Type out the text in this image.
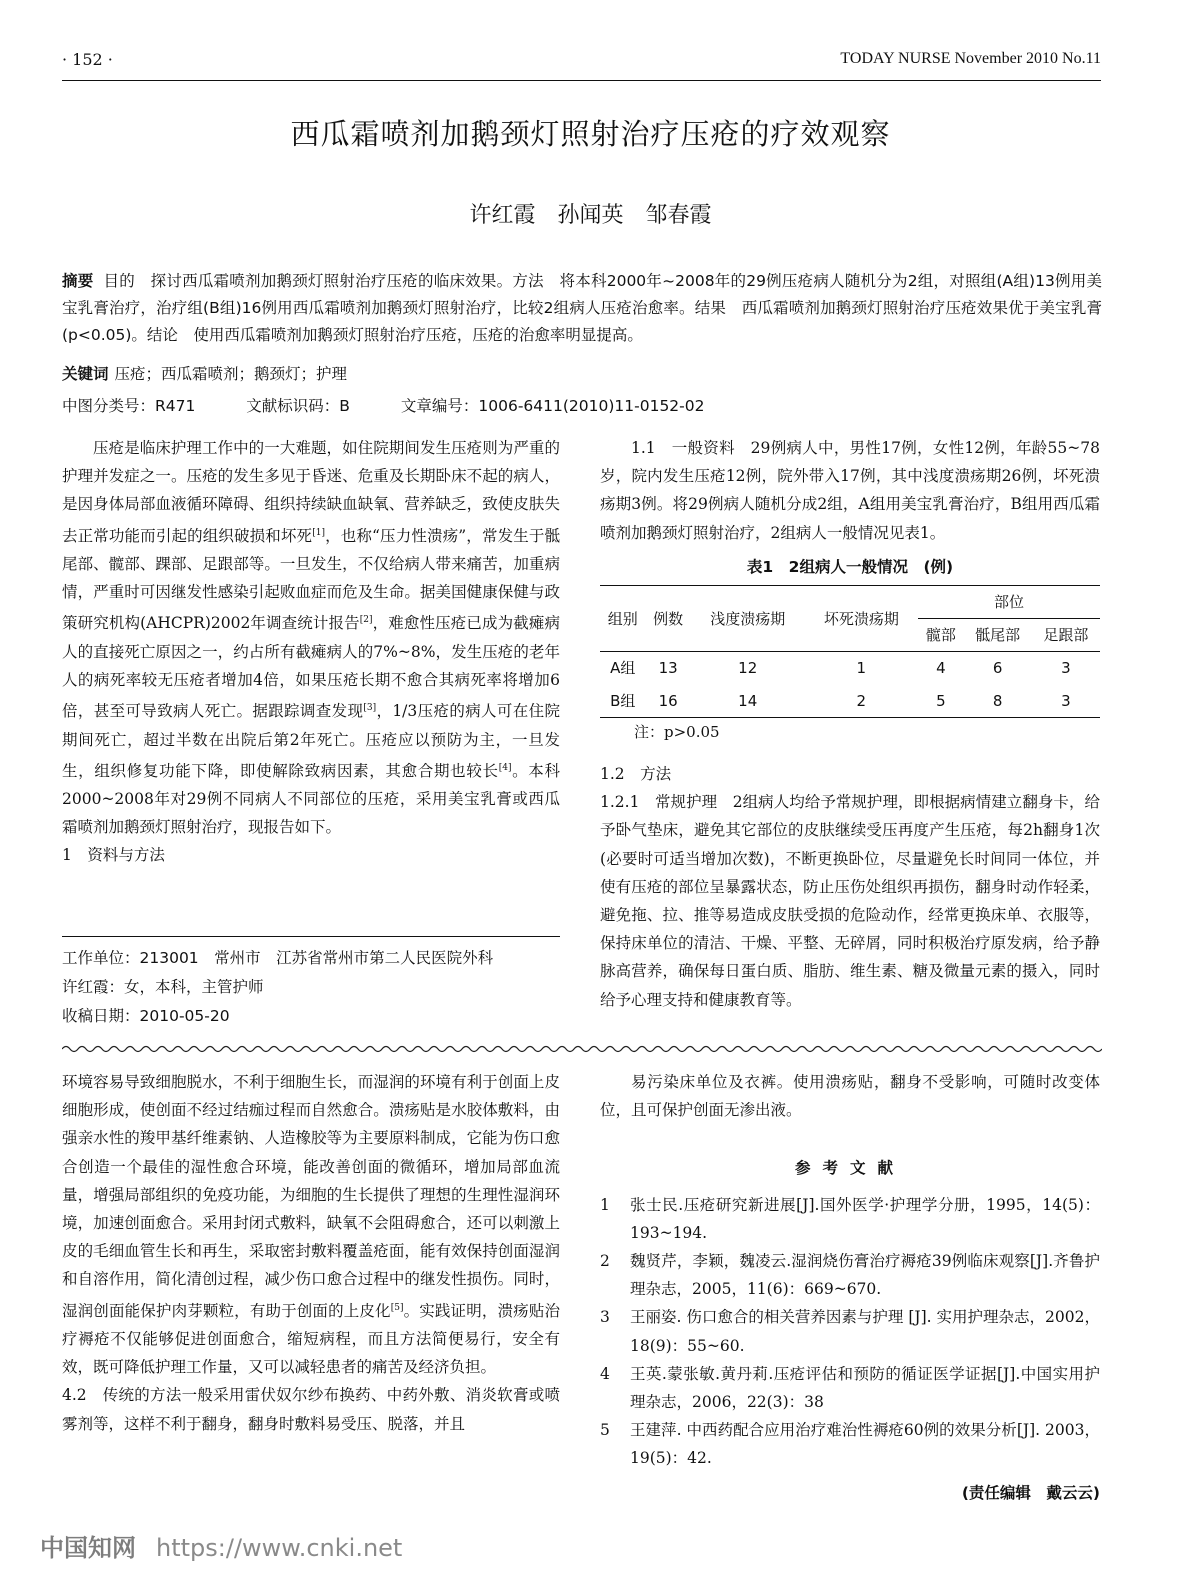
· 152 ·	TODAY NURSE November 2010 No.11
西瓜霜喷剂加鹅颈灯照射治疗压疮的疗效观察
许红霞　孙闻英　邹春霞
摘要 目的　探讨西瓜霜喷剂加鹅颈灯照射治疗压疮的临床效果。方法　将本科2000年~2008年的29例压疮病人随机分为2组，对照组(A组)13例用美宝乳膏治疗，治疗组(B组)16例用西瓜霜喷剂加鹅颈灯照射治疗，比较2组病人压疮治愈率。结果　西瓜霜喷剂加鹅颈灯照射治疗压疮效果优于美宝乳膏(p<0.05)。结论　使用西瓜霜喷剂加鹅颈灯照射治疗压疮，压疮的治愈率明显提高。
关键词 压疮；西瓜霜喷剂；鹅颈灯；护理
中图分类号：R471	文献标识码：B	文章编号：1006-6411(2010)11-0152-02

压疮是临床护理工作中的一大难题，如住院期间发生压疮则为严重的护理并发症之一。压疮的发生多见于昏迷、危重及长期卧床不起的病人，是因身体局部血液循环障碍、组织持续缺血缺氧、营养缺乏，致使皮肤失去正常功能而引起的组织破损和坏死[1]，也称“压力性溃疡”，常发生于骶尾部、髋部、踝部、足跟部等。一旦发生，不仅给病人带来痛苦，加重病情，严重时可因继发性感染引起败血症而危及生命。据美国健康保健与政策研究机构(AHCPR)2002年调查统计报告[2]，难愈性压疮已成为截瘫病人的直接死亡原因之一，约占所有截瘫病人的7%~8%，发生压疮的老年人的病死率较无压疮者增加4倍，如果压疮长期不愈合其病死率将增加6倍，甚至可导致病人死亡。据跟踪调查发现[3]，1/3压疮的病人可在住院期间死亡，超过半数在出院后第2年死亡。压疮应以预防为主，一旦发生，组织修复功能下降，即使解除致病因素，其愈合期也较长[4]。本科2000~2008年对29例不同病人不同部位的压疮，采用美宝乳膏或西瓜霜喷剂加鹅颈灯照射治疗，现报告如下。

1　资料与方法

工作单位：213001　常州市　江苏省常州市第二人民医院外科
许红霞：女，本科，主管护师
收稿日期：2010-05-20

1.1　一般资料　29例病人中，男性17例，女性12例，年龄55~78岁，院内发生压疮12例，院外带入17例，其中浅度溃疡期26例，坏死溃疡期3例。将29例病人随机分成2组，A组用美宝乳膏治疗，B组用西瓜霜喷剂加鹅颈灯照射治疗，2组病人一般情况见表1。

表1　2组病人一般情况　(例)
组别	例数	浅度溃疡期	坏死溃疡期	部位		
				髋部	骶尾部	足跟部
A组	13	12	1	4	6	3
B组	16	14	2	5	8	3
注：p>0.05

1.2　方法

1.2.1　常规护理　2组病人均给予常规护理，即根据病情建立翻身卡，给予卧气垫床，避免其它部位的皮肤继续受压再度产生压疮，每2h翻身1次(必要时可适当增加次数)，不断更换卧位，尽量避免长时间同一体位，并使有压疮的部位呈暴露状态，防止压伤处组织再损伤，翻身时动作轻柔，避免拖、拉、推等易造成皮肤受损的危险动作，经常更换床单、衣服等，保持床单位的清洁、干燥、平整、无碎屑，同时积极治疗原发病，给予静脉高营养，确保每日蛋白质、脂肪、维生素、糖及微量元素的摄入，同时给予心理支持和健康教育等。

环境容易导致细胞脱水，不利于细胞生长，而湿润的环境有利于创面上皮细胞形成，使创面不经过结痂过程而自然愈合。溃疡贴是水胶体敷料，由强亲水性的羧甲基纤维素钠、人造橡胶等为主要原料制成，它能为伤口愈合创造一个最佳的湿性愈合环境，能改善创面的微循环，增加局部血流量，增强局部组织的免疫功能，为细胞的生长提供了理想的生理性湿润环境，加速创面愈合。采用封闭式敷料，缺氧不会阻碍愈合，还可以刺激上皮的毛细血管生长和再生，采取密封敷料覆盖疮面，能有效保持创面湿润和自溶作用，简化清创过程，减少伤口愈合过程中的继发性损伤。同时，湿润创面能保护肉芽颗粒，有助于创面的上皮化[5]。实践证明，溃疡贴治疗褥疮不仅能够促进创面愈合，缩短病程，而且方法简便易行，安全有效，既可降低护理工作量，又可以减轻患者的痛苦及经济负担。

4.2　传统的方法一般采用雷伏奴尔纱布换药、中药外敷、消炎软膏或喷雾剂等，这样不利于翻身，翻身时敷料易受压、脱落，并且

易污染床单位及衣裤。使用溃疡贴，翻身不受影响，可随时改变体位，且可保护创面无渗出液。

参考文献
1 张士民.压疮研究新进展[J].国外医学·护理学分册，1995，14(5)：193~194.
2 魏贤芹，李颖，魏凌云.湿润烧伤膏治疗褥疮39例临床观察[J].齐鲁护理杂志，2005，11(6)：669~670.
3 王丽姿. 伤口愈合的相关营养因素与护理 [J]. 实用护理杂志，2002，18(9)：55~60.
4 王英.蒙张敏.黄丹莉.压疮评估和预防的循证医学证据[J].中国实用护理杂志，2006，22(3)：38
5 王建萍. 中西药配合应用治疗难治性褥疮60例的效果分析[J]. 2003，19(5)：42.
(责任编辑　戴云云)
中国知网 https://www.cnki.net
